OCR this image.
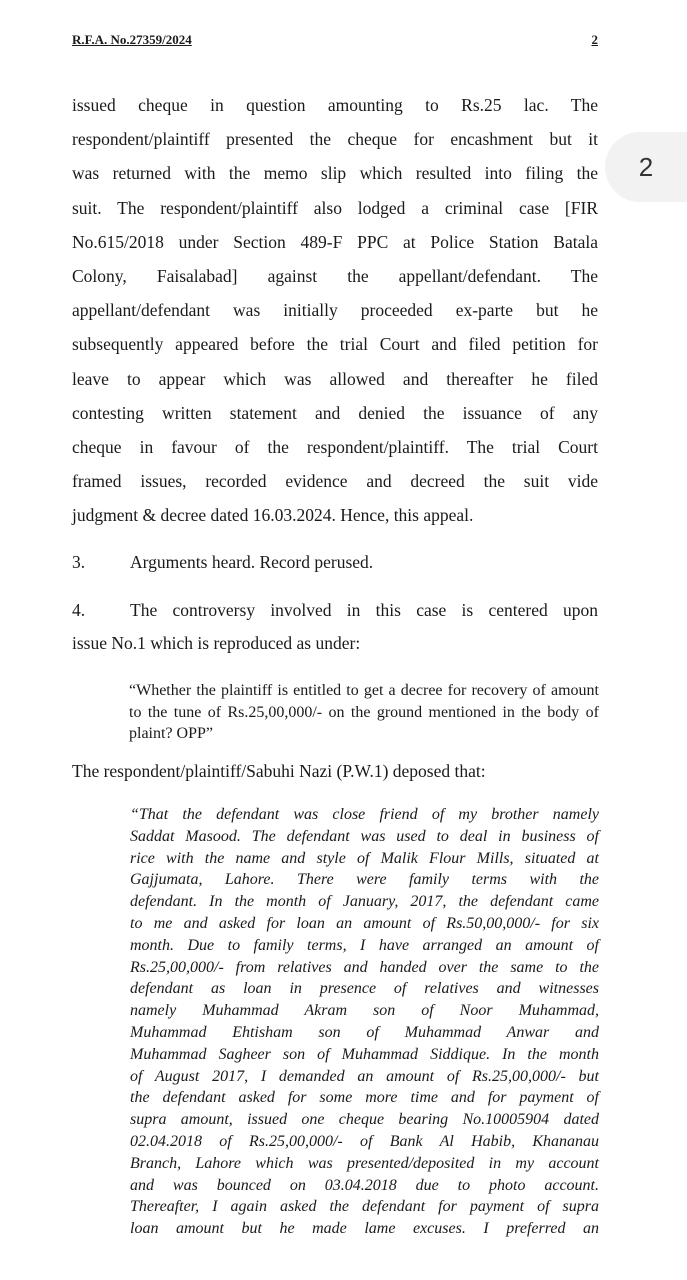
R.F.A. No.27359/2024	2
2
issued cheque in question amounting to Rs.25 lac. The
respondent/plaintiff presented the cheque for encashment but it
was returned with the memo slip which resulted into filing the
suit. The respondent/plaintiff also lodged a criminal case [FIR
No.615/2018 under Section 489-F PPC at Police Station Batala
Colony, Faisalabad] against the appellant/defendant. The
appellant/defendant was initially proceeded ex-parte but he
subsequently appeared before the trial Court and filed petition for
leave to appear which was allowed and thereafter he filed
contesting written statement and denied the issuance of any
cheque in favour of the respondent/plaintiff. The trial Court
framed issues, recorded evidence and decreed the suit vide
judgment & decree dated 16.03.2024. Hence, this appeal.
3.	Arguments heard. Record perused.
4.	The controversy involved in this case is centered upon
issue No.1 which is reproduced as under:
“Whether the plaintiff is entitled to get a decree for recovery of amount to the tune of Rs.25,00,000/- on the ground mentioned in the body of plaint? OPP”
The respondent/plaintiff/Sabuhi Nazi (P.W.1) deposed that:
“That the defendant was close friend of my brother namely
Saddat Masood. The defendant was used to deal in business of
rice with the name and style of Malik Flour Mills, situated at
Gajjumata, Lahore. There were family terms with the
defendant. In the month of January, 2017, the defendant came
to me and asked for loan an amount of Rs.50,00,000/- for six
month. Due to family terms, I have arranged an amount of
Rs.25,00,000/- from relatives and handed over the same to the
defendant as loan in presence of relatives and witnesses
namely Muhammad Akram son of Noor Muhammad,
Muhammad Ehtisham son of Muhammad Anwar and
Muhammad Sagheer son of Muhammad Siddique. In the month
of August 2017, I demanded an amount of Rs.25,00,000/- but
the defendant asked for some more time and for payment of
supra amount, issued one cheque bearing No.10005904 dated
02.04.2018 of Rs.25,00,000/- of Bank Al Habib, Khananau
Branch, Lahore which was presented/deposited in my account
and was bounced on 03.04.2018 due to photo account.
Thereafter, I again asked the defendant for payment of supra
loan amount but he made lame excuses. I preferred an
